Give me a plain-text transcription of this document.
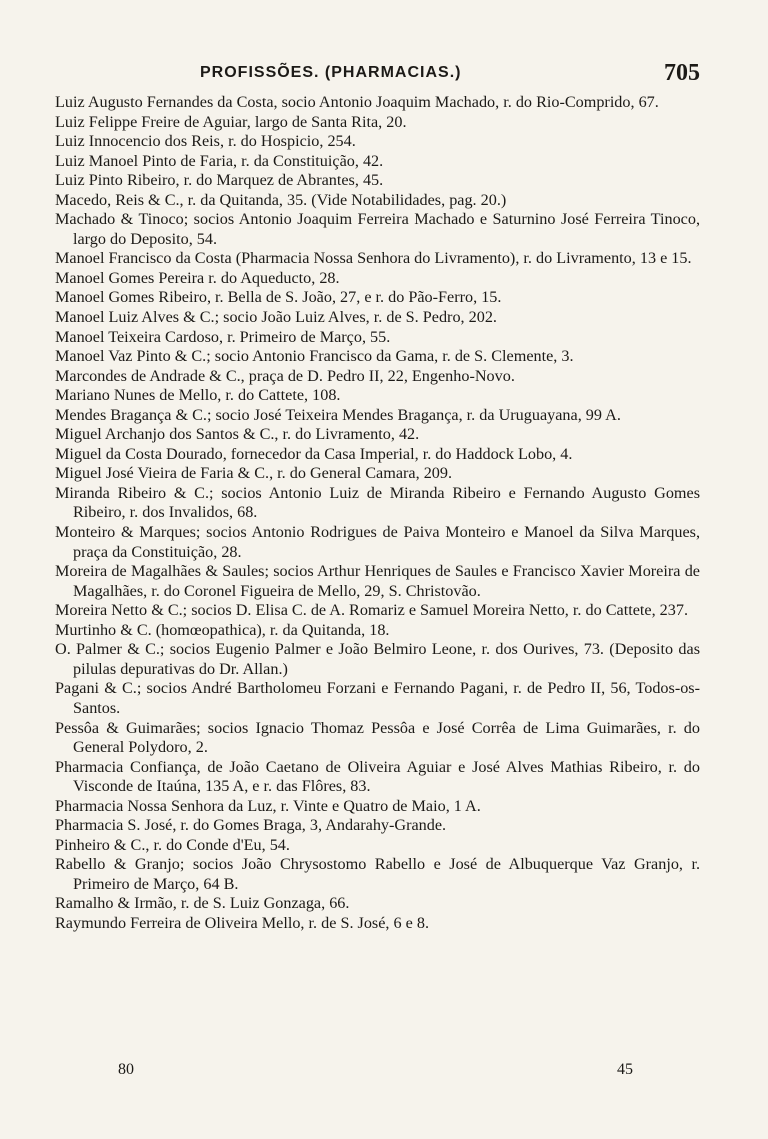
PROFISSÕES. (PHARMACIAS.)	705

Luiz Augusto Fernandes da Costa, socio Antonio Joaquim Machado, r. do Rio-Comprido, 67.

Luiz Felippe Freire de Aguiar, largo de Santa Rita, 20.

Luiz Innocencio dos Reis, r. do Hospicio, 254.

Luiz Manoel Pinto de Faria, r. da Constituição, 42.

Luiz Pinto Ribeiro, r. do Marquez de Abrantes, 45.

Macedo, Reis & C., r. da Quitanda, 35. (Vide Notabilidades, pag. 20.)

Machado & Tinoco; socios Antonio Joaquim Ferreira Machado e Saturnino José Ferreira Tinoco, largo do Deposito, 54.

Manoel Francisco da Costa (Pharmacia Nossa Senhora do Livramento), r. do Livramento, 13 e 15.

Manoel Gomes Pereira r. do Aqueducto, 28.

Manoel Gomes Ribeiro, r. Bella de S. João, 27, e r. do Pão-Ferro, 15.

Manoel Luiz Alves & C.; socio João Luiz Alves, r. de S. Pedro, 202.

Manoel Teixeira Cardoso, r. Primeiro de Março, 55.

Manoel Vaz Pinto & C.; socio Antonio Francisco da Gama, r. de S. Clemente, 3.

Marcondes de Andrade & C., praça de D. Pedro II, 22, Engenho-Novo.

Mariano Nunes de Mello, r. do Cattete, 108.

Mendes Bragança & C.; socio José Teixeira Mendes Bragança, r. da Uruguayana, 99 A.

Miguel Archanjo dos Santos & C., r. do Livramento, 42.

Miguel da Costa Dourado, fornecedor da Casa Imperial, r. do Haddock Lobo, 4.

Miguel José Vieira de Faria & C., r. do General Camara, 209.

Miranda Ribeiro & C.; socios Antonio Luiz de Miranda Ribeiro e Fernando Augusto Gomes Ribeiro, r. dos Invalidos, 68.

Monteiro & Marques; socios Antonio Rodrigues de Paiva Monteiro e Manoel da Silva Marques, praça da Constituição, 28.

Moreira de Magalhães & Saules; socios Arthur Henriques de Saules e Francisco Xavier Moreira de Magalhães, r. do Coronel Figueira de Mello, 29, S. Christovão.

Moreira Netto & C.; socios D. Elisa C. de A. Romariz e Samuel Moreira Netto, r. do Cattete, 237.

Murtinho & C. (homœopathica), r. da Quitanda, 18.

O. Palmer & C.; socios Eugenio Palmer e João Belmiro Leone, r. dos Ourives, 73. (Deposito das pilulas depurativas do Dr. Allan.)

Pagani & C.; socios André Bartholomeu Forzani e Fernando Pagani, r. de Pedro II, 56, Todos-os-Santos.

Pessôa & Guimarães; socios Ignacio Thomaz Pessôa e José Corrêa de Lima Guimarães, r. do General Polydoro, 2.

Pharmacia Confiança, de João Caetano de Oliveira Aguiar e José Alves Mathias Ribeiro, r. do Visconde de Itaúna, 135 A, e r. das Flôres, 83.

Pharmacia Nossa Senhora da Luz, r. Vinte e Quatro de Maio, 1 A.

Pharmacia S. José, r. do Gomes Braga, 3, Andarahy-Grande.

Pinheiro & C., r. do Conde d'Eu, 54.

Rabello & Granjo; socios João Chrysostomo Rabello e José de Albuquerque Vaz Granjo, r. Primeiro de Março, 64 B.

Ramalho & Irmão, r. de S. Luiz Gonzaga, 66.

Raymundo Ferreira de Oliveira Mello, r. de S. José, 6 e 8.

80	45
